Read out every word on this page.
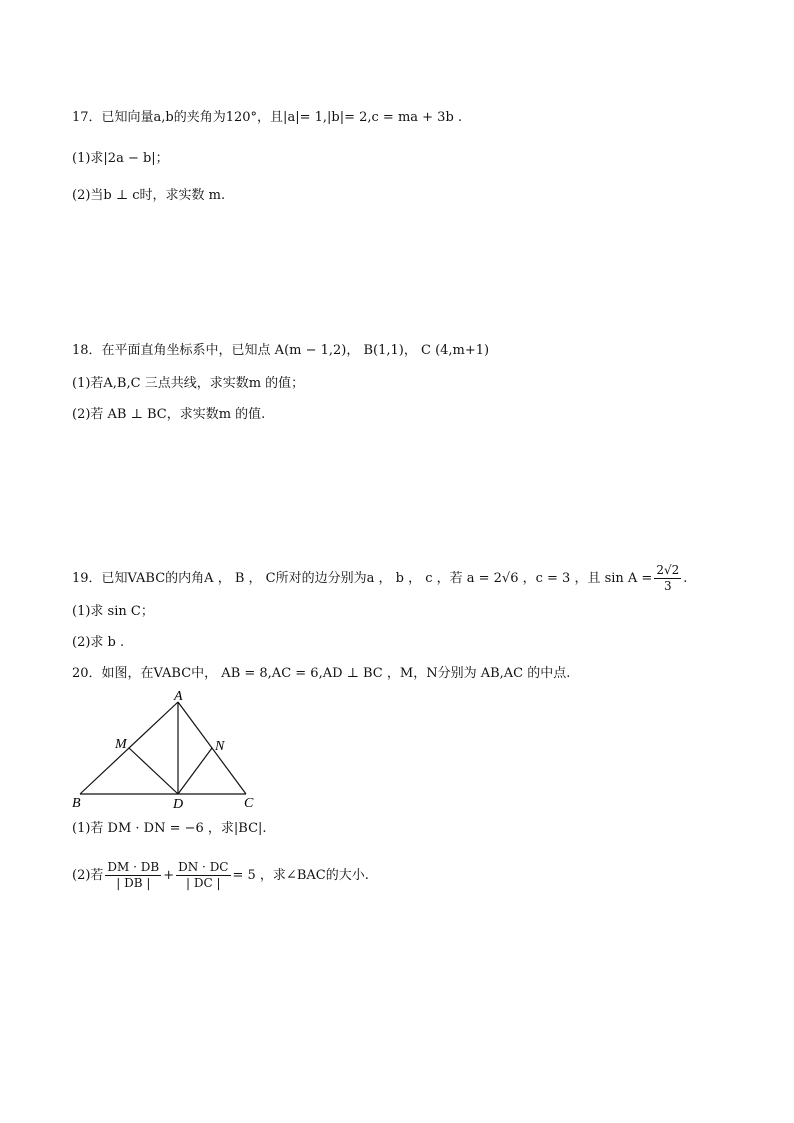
17．已知向量a,b的夹角为120°，且|a|= 1,|b|= 2,c = ma + 3b .
(1)求|2a − b|；
(2)当b ⊥ c时，求实数 m.
18．在平面直角坐标系中，已知点 A(m − 1,2)， B(1,1)， C (4,m+1)
(1)若A,B,C 三点共线，求实数m 的值；
(2)若 AB ⊥ BC，求实数m 的值.
19．已知VABC的内角A ， B ， C所对的边分别为a ， b ， c ，若 a = 2√6 ，c = 3 ，且 $\sin A = \frac{2√2}{3}$ .
(1)求 sin C；
(2)求 b .
20．如图，在VABC中， AB = 8,AC = 6,AD ⊥ BC ，M，N分别为 AB,AC 的中点.
A
B	C
D
M	N
(1)若 DM · DN = −6 ，求|BC|.
(2)若 $\frac{DM \cdot DB}{| DB |} + \frac{DN \cdot DC}{| DC |} = 5$ ，求∠BAC的大小.
